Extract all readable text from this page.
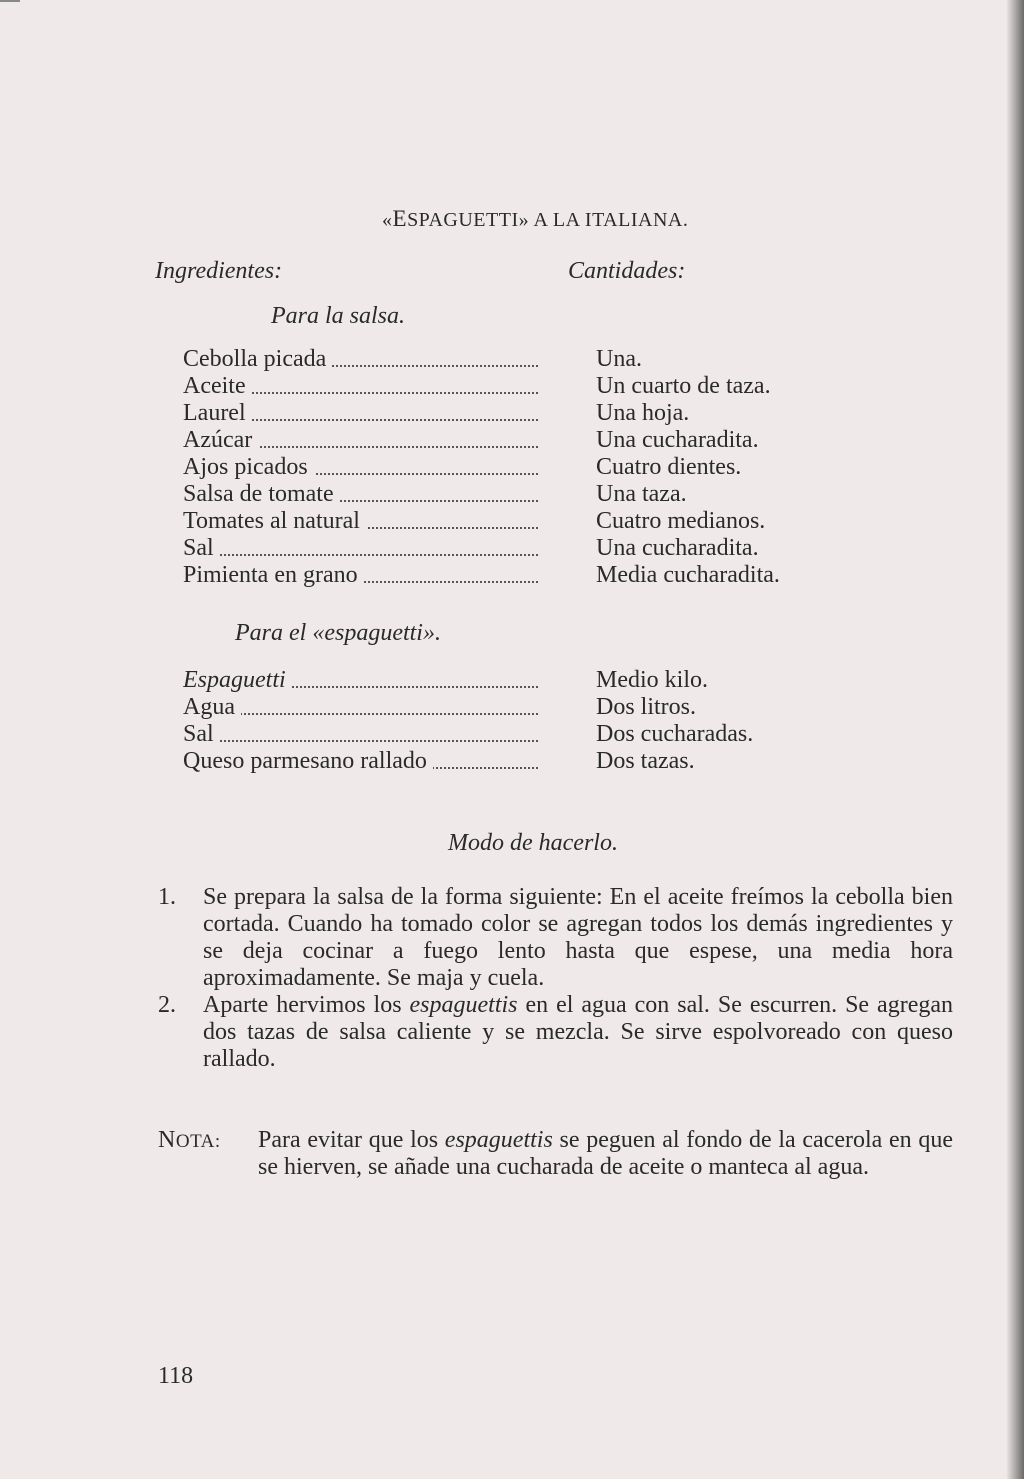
«ESPAGUETTI» A LA ITALIANA.
Ingredientes:	Cantidades:
Para la salsa.
Cebolla picada
Aceite
Laurel
Azúcar
Ajos picados
Salsa de tomate
Tomates al natural
Sal
Pimienta en grano
Una.
Un cuarto de taza.
Una hoja.
Una cucharadita.
Cuatro dientes.
Una taza.
Cuatro medianos.
Una cucharadita.
Media cucharadita.
Para el «espaguetti».
Espaguetti
Agua
Sal
Queso parmesano rallado
Medio kilo.
Dos litros.
Dos cucharadas.
Dos tazas.
Modo de hacerlo.
1. Se prepara la salsa de la forma siguiente: En el aceite freímos la cebolla bien cortada. Cuando ha tomado color se agregan todos los demás ingredientes y se deja cocinar a fuego lento hasta que espese, una media hora aproximadamente. Se maja y cuela.
2. Aparte hervimos los espaguettis en el agua con sal. Se escurren. Se agregan dos tazas de salsa caliente y se mezcla. Se sirve espolvoreado con queso rallado.
NOTA: Para evitar que los espaguettis se peguen al fondo de la cacerola en que se hierven, se añade una cucharada de aceite o manteca al agua.
118
